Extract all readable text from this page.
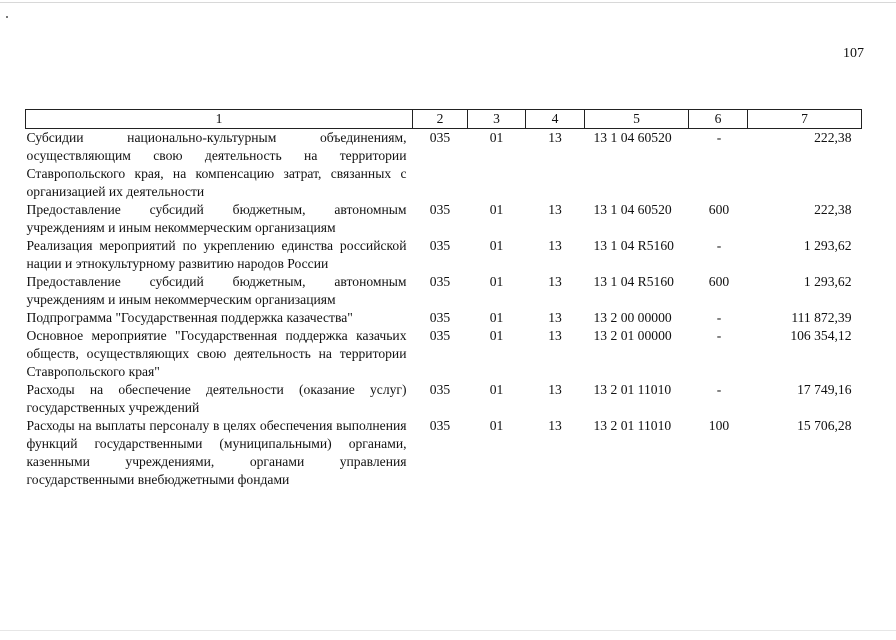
107
1	2	3	4	5	6	7
Субсидии национально-культурным объединениям, осуществляющим свою деятельность на территории Ставропольского края, на компенсацию затрат, связанных с организацией их деятельности	035	01	13	13 1 04 60520	-	222,38
Предоставление субсидий бюджетным, автономным учреждениям и иным некоммерческим организациям	035	01	13	13 1 04 60520	600	222,38
Реализация мероприятий по укреплению единства российской нации и этнокультурному развитию народов России	035	01	13	13 1 04 R5160	-	1 293,62
Предоставление субсидий бюджетным, автономным учреждениям и иным некоммерческим организациям	035	01	13	13 1 04 R5160	600	1 293,62
Подпрограмма "Государственная поддержка казачества"	035	01	13	13 2 00 00000	-	111 872,39
Основное мероприятие "Государственная поддержка казачьих обществ, осуществляющих свою деятельность на территории Ставропольского края"	035	01	13	13 2 01 00000	-	106 354,12
Расходы на обеспечение деятельности (оказание услуг) государственных учреждений	035	01	13	13 2 01 11010	-	17 749,16
Расходы на выплаты персоналу в целях обеспечения выполнения функций государственными (муниципальными) органами, казенными учреждениями, органами управления государственными внебюджетными фондами	035	01	13	13 2 01 11010	100	15 706,28
